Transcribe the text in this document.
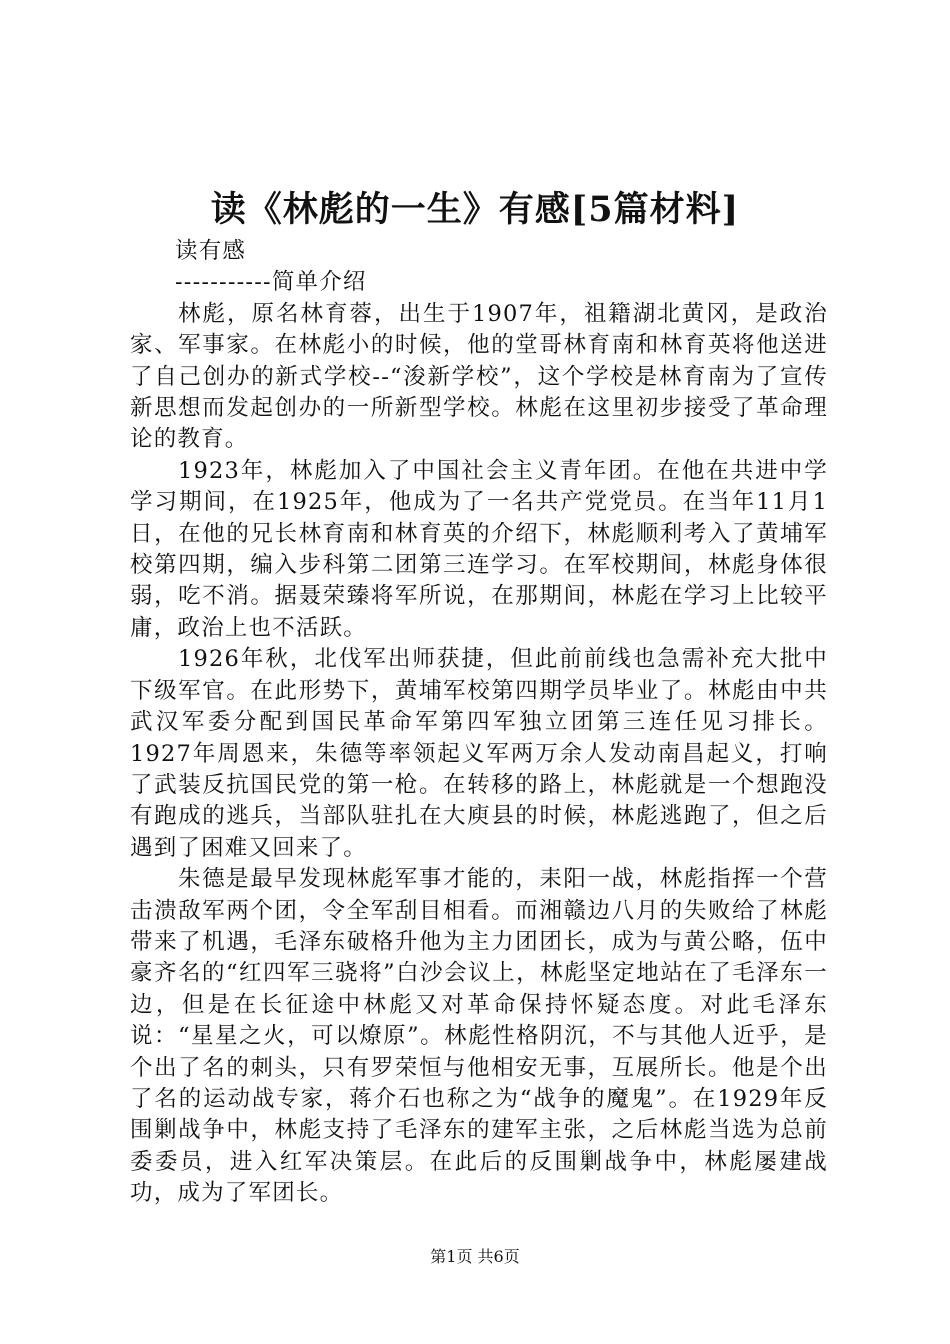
读《林彪的一生》有感[5篇材料]

读有感

-----------简单介绍

林彪，原名林育蓉，出生于1907年，祖籍湖北黄冈，是政治家、军事家。在林彪小的时候，他的堂哥林育南和林育英将他送进了自己创办的新式学校--“浚新学校”，这个学校是林育南为了宣传新思想而发起创办的一所新型学校。林彪在这里初步接受了革命理论的教育。

1923年，林彪加入了中国社会主义青年团。在他在共进中学学习期间，在1925年，他成为了一名共产党党员。在当年11月1日，在他的兄长林育南和林育英的介绍下，林彪顺利考入了黄埔军校第四期，编入步科第二团第三连学习。在军校期间，林彪身体很弱，吃不消。据聂荣臻将军所说，在那期间，林彪在学习上比较平庸，政治上也不活跃。

1926年秋，北伐军出师获捷，但此前前线也急需补充大批中下级军官。在此形势下，黄埔军校第四期学员毕业了。林彪由中共武汉军委分配到国民革命军第四军独立团第三连任见习排长。1927年周恩来，朱德等率领起义军两万余人发动南昌起义，打响了武装反抗国民党的第一枪。在转移的路上，林彪就是一个想跑没有跑成的逃兵，当部队驻扎在大庾县的时候，林彪逃跑了，但之后遇到了困难又回来了。

朱德是最早发现林彪军事才能的，耒阳一战，林彪指挥一个营击溃敌军两个团，令全军刮目相看。而湘赣边八月的失败给了林彪带来了机遇，毛泽东破格升他为主力团团长，成为与黄公略，伍中豪齐名的“红四军三骁将”白沙会议上，林彪坚定地站在了毛泽东一边，但是在长征途中林彪又对革命保持怀疑态度。对此毛泽东说：“星星之火，可以燎原”。林彪性格阴沉，不与其他人近乎，是个出了名的刺头，只有罗荣恒与他相安无事，互展所长。他是个出了名的运动战专家，蒋介石也称之为“战争的魔鬼”。在1929年反围剿战争中，林彪支持了毛泽东的建军主张，之后林彪当选为总前委委员，进入红军决策层。在此后的反围剿战争中，林彪屡建战功，成为了军团长。

第1页 共6页
